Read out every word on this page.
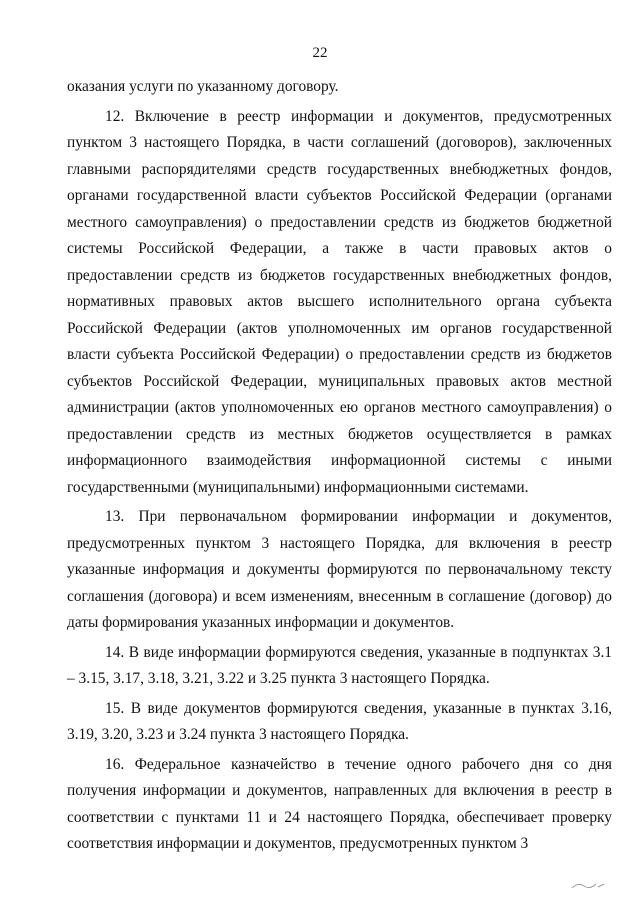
22

оказания услуги по указанному договору.

12. Включение в реестр информации и документов, предусмотренных пунктом 3 настоящего Порядка, в части соглашений (договоров), заключенных главными распорядителями средств государственных внебюджетных фондов, органами государственной власти субъектов Российской Федерации (органами местного самоуправления) о предоставлении средств из бюджетов бюджетной системы Российской Федерации, а также в части правовых актов о предоставлении средств из бюджетов государственных внебюджетных фондов, нормативных правовых актов высшего исполнительного органа субъекта Российской Федерации (актов уполномоченных им органов государственной власти субъекта Российской Федерации) о предоставлении средств из бюджетов субъектов Российской Федерации, муниципальных правовых актов местной администрации (актов уполномоченных ею органов местного самоуправления) о предоставлении средств из местных бюджетов осуществляется в рамках информационного взаимодействия информационной системы с иными государственными (муниципальными) информационными системами.

13. При первоначальном формировании информации и документов, предусмотренных пунктом 3 настоящего Порядка, для включения в реестр указанные информация и документы формируются по первоначальному тексту соглашения (договора) и всем изменениям, внесенным в соглашение (договор) до даты формирования указанных информации и документов.

14. В виде информации формируются сведения, указанные в подпунктах 3.1 – 3.15, 3.17, 3.18, 3.21, 3.22 и 3.25 пункта 3 настоящего Порядка.

15. В виде документов формируются сведения, указанные в пунктах 3.16, 3.19, 3.20, 3.23 и 3.24 пункта 3 настоящего Порядка.

16. Федеральное казначейство в течение одного рабочего дня со дня получения информации и документов, направленных для включения в реестр в соответствии с пунктами 11 и 24 настоящего Порядка, обеспечивает проверку соответствия информации и документов, предусмотренных пунктом 3
